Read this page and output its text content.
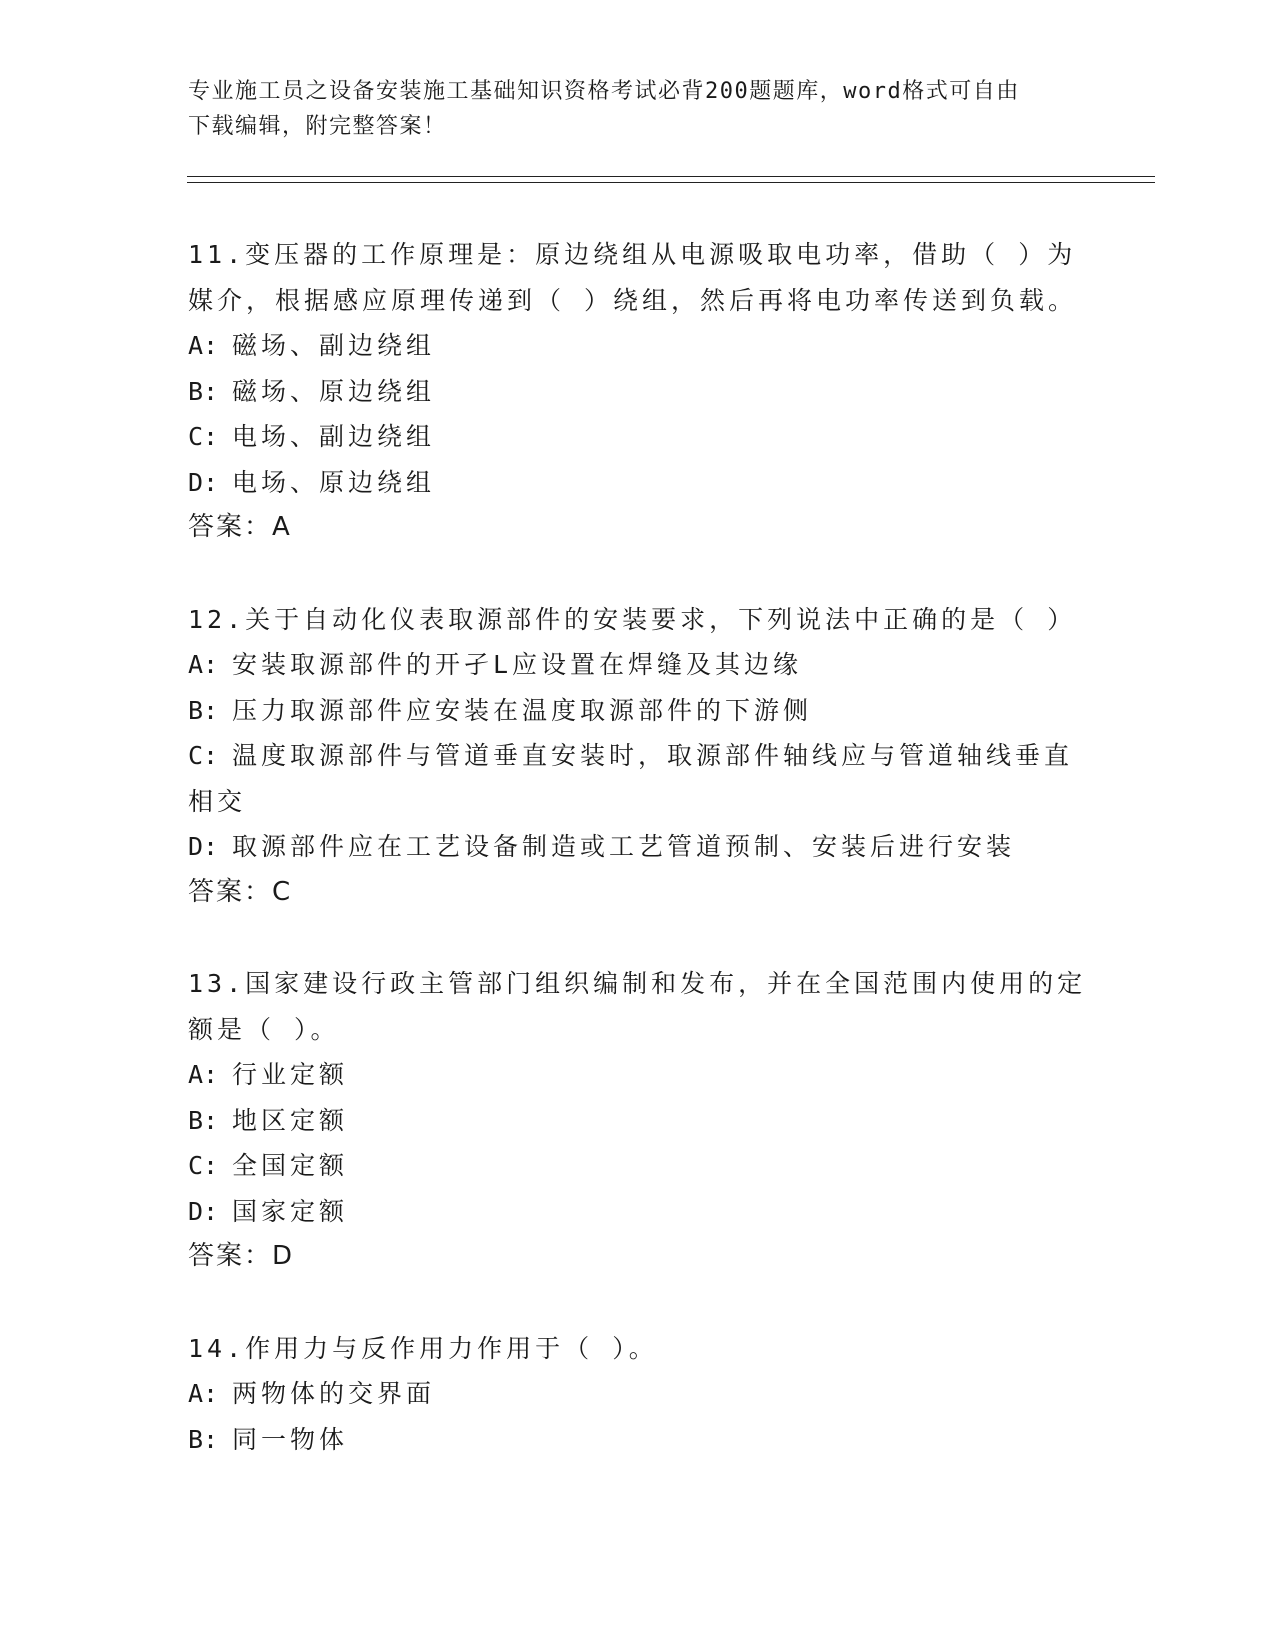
专业施工员之设备安装施工基础知识资格考试必背200题题库，word格式可自由
下载编辑，附完整答案！

11.变压器的工作原理是：原边绕组从电源吸取电功率，借助（ ）为

媒介，根据感应原理传递到（ ）绕组，然后再将电功率传送到负载。

A: 磁场、副边绕组

B: 磁场、原边绕组

C: 电场、副边绕组

D: 电场、原边绕组

答案：A

12.关于自动化仪表取源部件的安装要求，下列说法中正确的是（ ）

A: 安装取源部件的开孑L应设置在焊缝及其边缘

B: 压力取源部件应安装在温度取源部件的下游侧

C: 温度取源部件与管道垂直安装时，取源部件轴线应与管道轴线垂直

相交

D: 取源部件应在工艺设备制造或工艺管道预制、安装后进行安装

答案：C

13.国家建设行政主管部门组织编制和发布，并在全国范围内使用的定

额是（ ）。

A: 行业定额

B: 地区定额

C: 全国定额

D: 国家定额

答案：D

14.作用力与反作用力作用于（ ）。

A: 两物体的交界面

B: 同一物体
